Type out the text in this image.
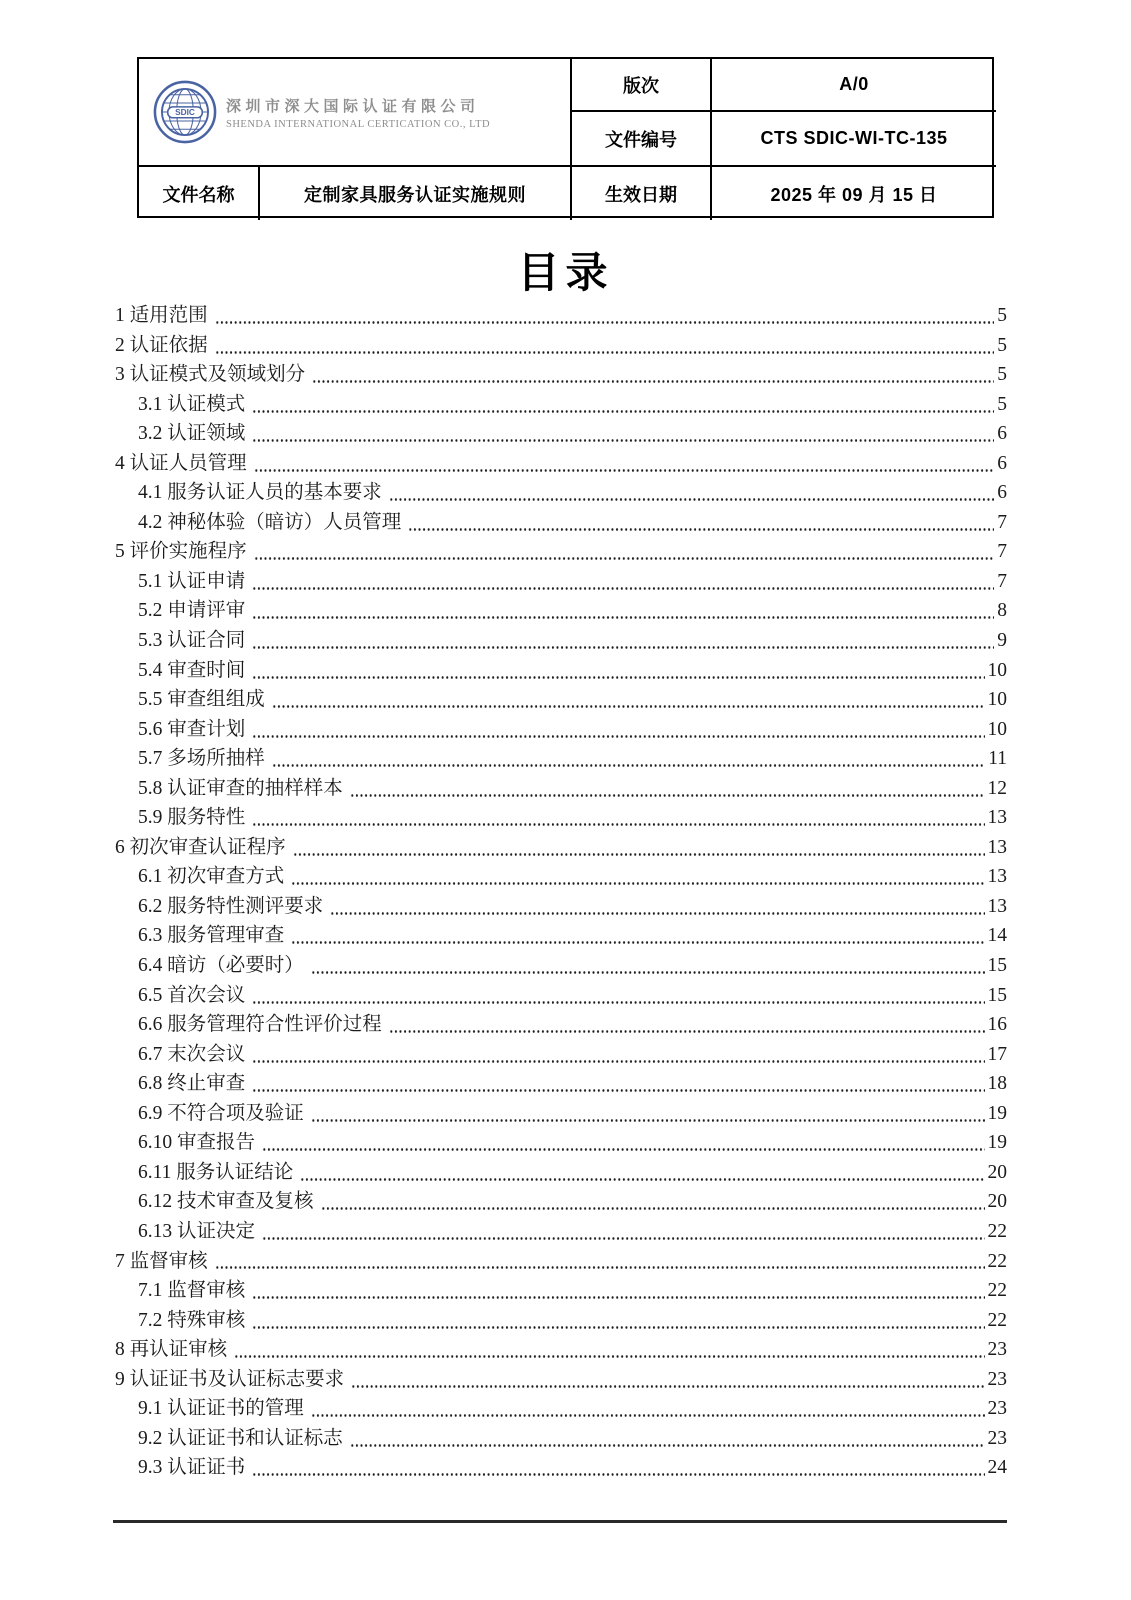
SDIC 深圳市深大国际认证有限公司
SHENDA INTERNATIONAL CERTICATION CO., LTD
版次	A/0
文件编号	CTS SDIC-WI-TC-135
文件名称	定制家具服务认证实施规则	生效日期	2025 年 09 月 15 日
目录
1 适用范围	5
2 认证依据	5
3 认证模式及领域划分	5
3.1 认证模式	5
3.2 认证领域	6
4 认证人员管理	6
4.1 服务认证人员的基本要求	6
4.2 神秘体验（暗访）人员管理	7
5 评价实施程序	7
5.1 认证申请	7
5.2 申请评审	8
5.3 认证合同	9
5.4 审查时间	10
5.5 审查组组成	10
5.6 审查计划	10
5.7 多场所抽样	11
5.8 认证审查的抽样样本	12
5.9 服务特性	13
6 初次审查认证程序	13
6.1 初次审查方式	13
6.2 服务特性测评要求	13
6.3 服务管理审查	14
6.4 暗访（必要时）	15
6.5 首次会议	15
6.6 服务管理符合性评价过程	16
6.7 末次会议	17
6.8 终止审查	18
6.9 不符合项及验证	19
6.10 审查报告	19
6.11 服务认证结论	20
6.12 技术审查及复核	20
6.13 认证决定	22
7 监督审核	22
7.1 监督审核	22
7.2 特殊审核	22
8 再认证审核	23
9 认证证书及认证标志要求	23
9.1 认证证书的管理	23
9.2 认证证书和认证标志	23
9.3 认证证书	24
